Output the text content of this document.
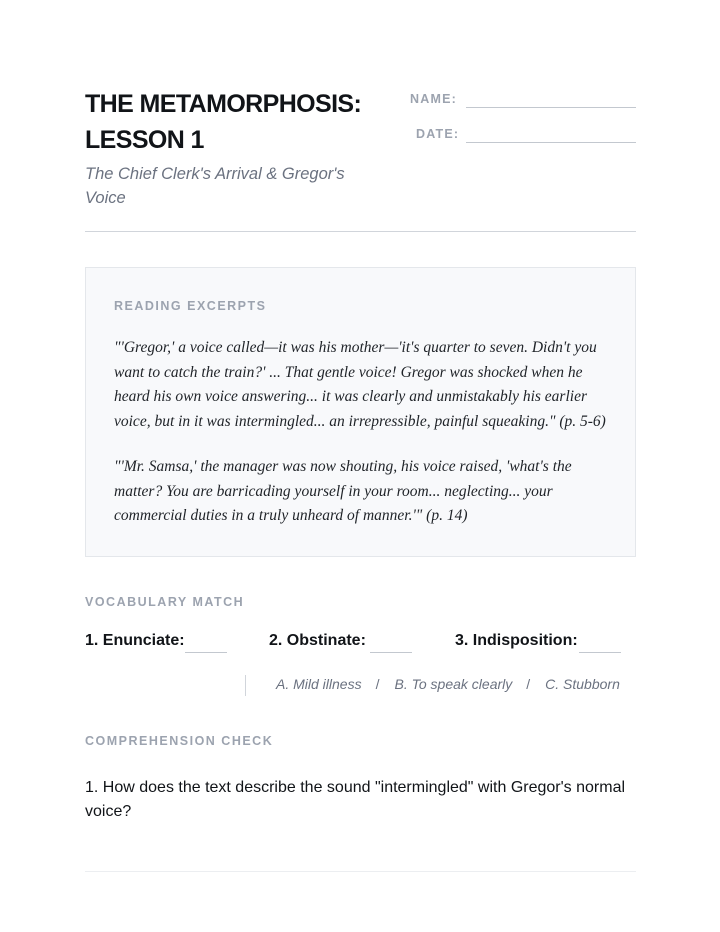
THE METAMORPHOSIS: LESSON 1

The Chief Clerk's Arrival & Gregor's Voice

NAME:
DATE:
READING EXCERPTS

"'Gregor,' a voice called—it was his mother—'it's quarter to seven. Didn't you want to catch the train?' ... That gentle voice! Gregor was shocked when he heard his own voice answering... it was clearly and unmistakably his earlier voice, but in it was intermingled... an irrepressible, painful squeaking." (p. 5-6)

"'Mr. Samsa,' the manager was now shouting, his voice raised, 'what's the matter? You are barricading yourself in your room... neglecting... your commercial duties in a truly unheard of manner.'" (p. 14)

VOCABULARY MATCH
1. Enunciate:	2. Obstinate:	3. Indisposition:
A. Mild illness / B. To speak clearly / C. Stubborn
COMPREHENSION CHECK

1. How does the text describe the sound "intermingled" with Gregor's normal voice?
